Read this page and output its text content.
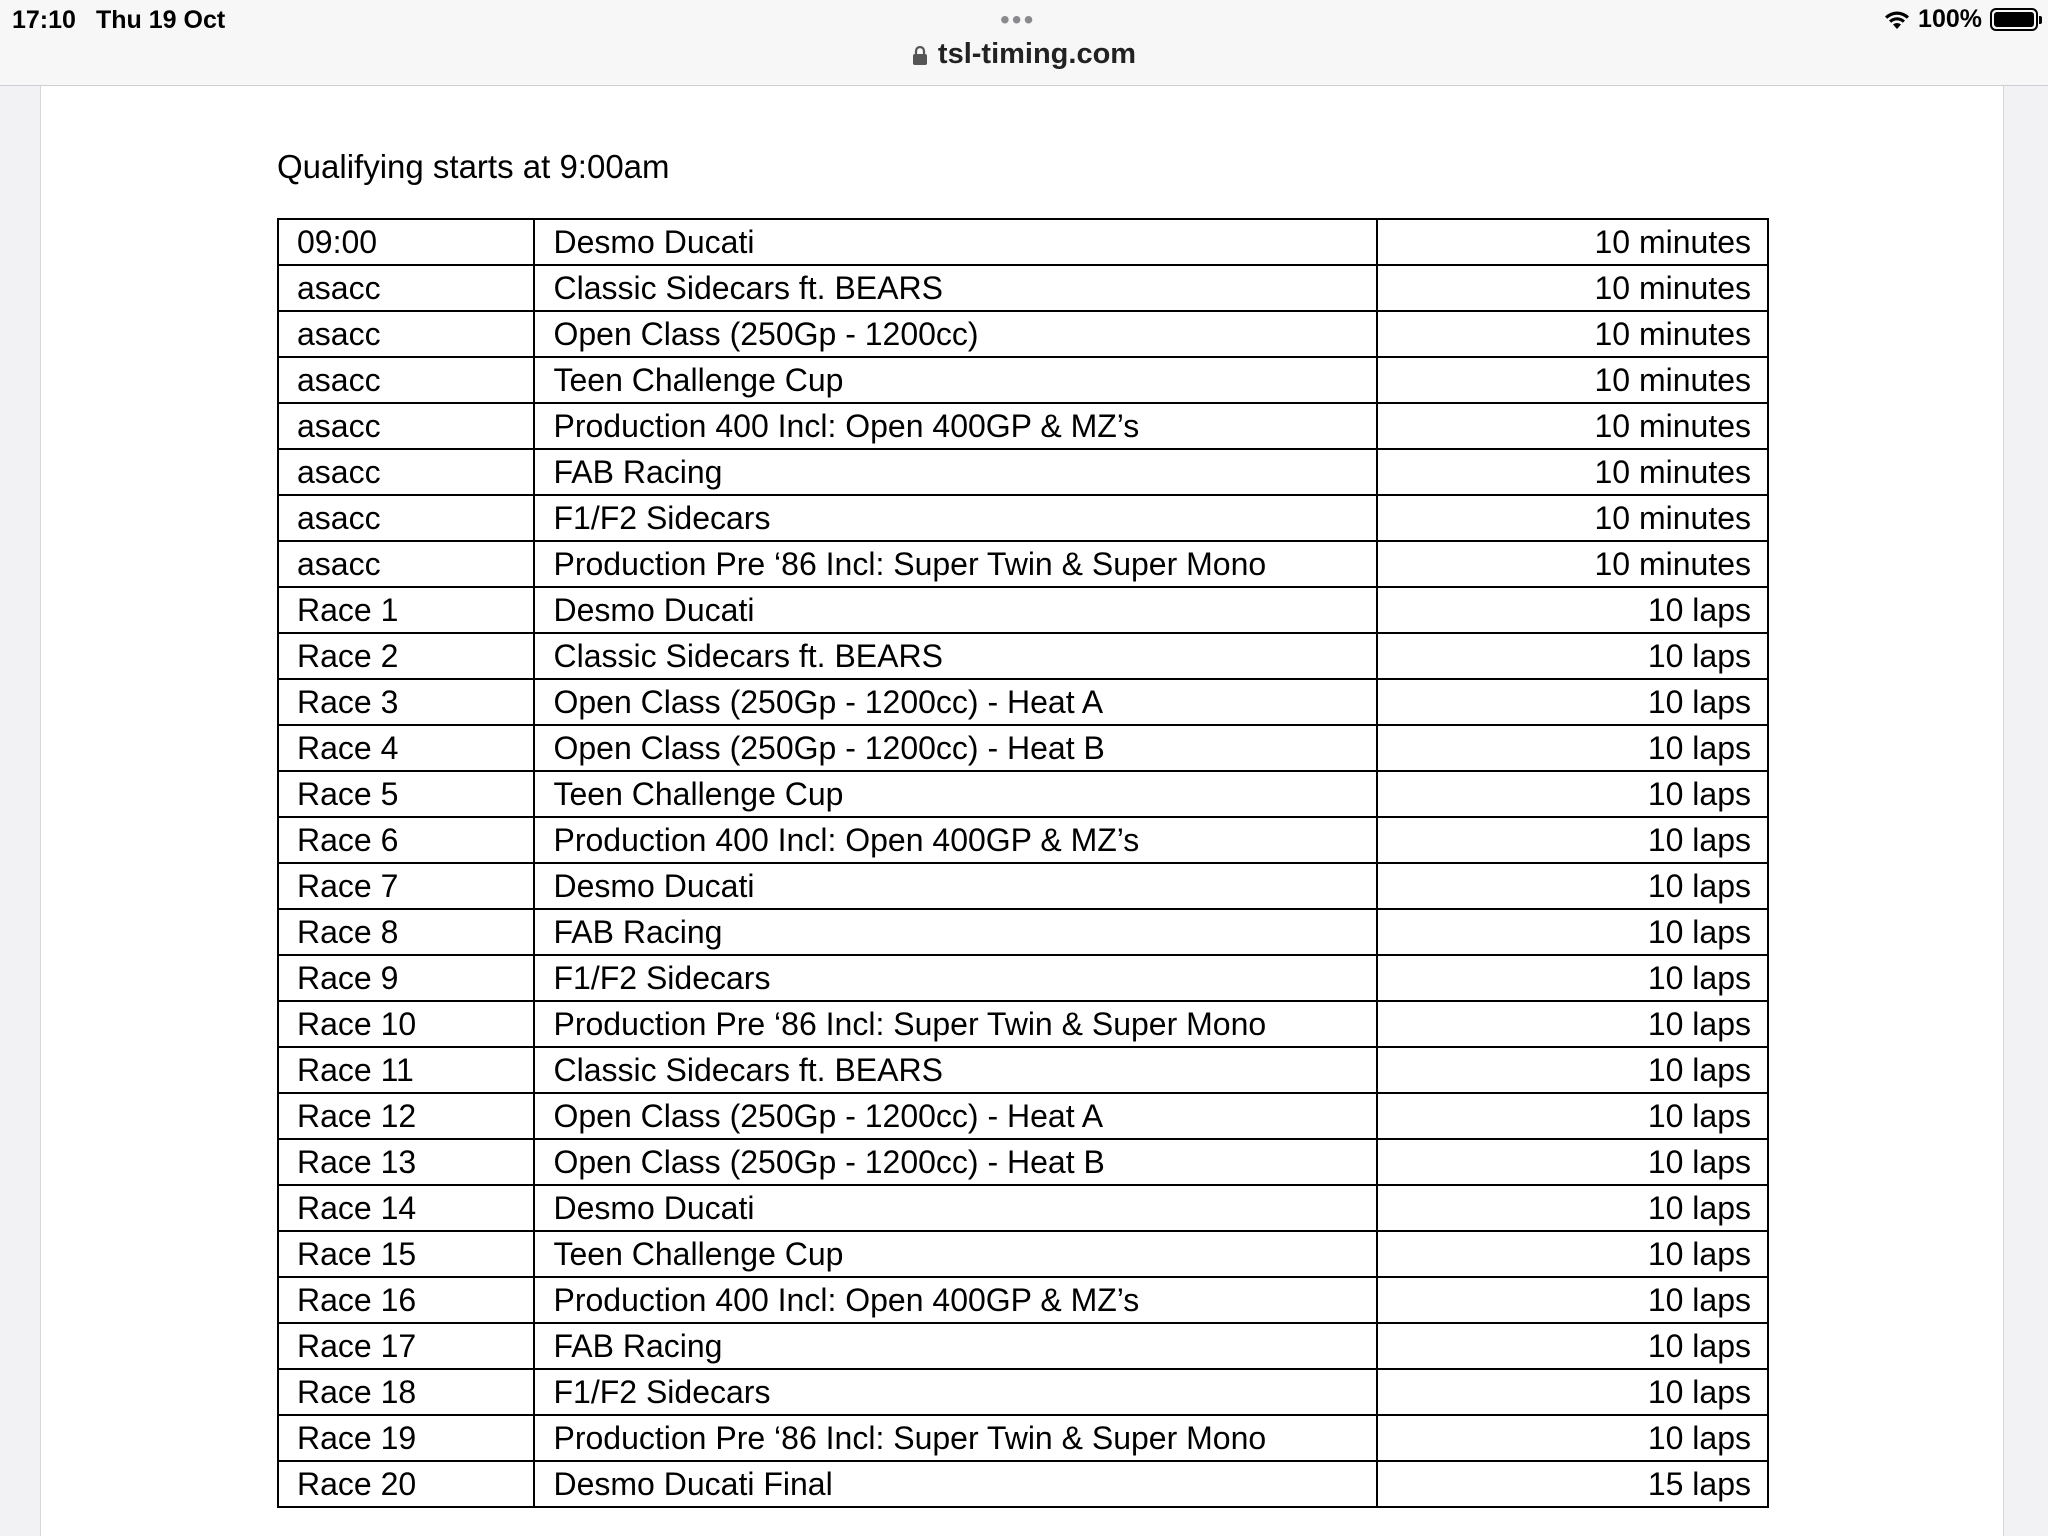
17:10 Thu 19 Oct	•••	100%
tsl-timing.com
Qualifying starts at 9:00am
09:00	Desmo Ducati	10 minutes
asacc	Classic Sidecars ft. BEARS	10 minutes
asacc	Open Class (250Gp - 1200cc)	10 minutes
asacc	Teen Challenge Cup	10 minutes
asacc	Production 400 Incl: Open 400GP & MZ’s	10 minutes
asacc	FAB Racing	10 minutes
asacc	F1/F2 Sidecars	10 minutes
asacc	Production Pre ‘86 Incl: Super Twin & Super Mono	10 minutes
Race 1	Desmo Ducati	10 laps
Race 2	Classic Sidecars ft. BEARS	10 laps
Race 3	Open Class (250Gp - 1200cc) - Heat A	10 laps
Race 4	Open Class (250Gp - 1200cc) - Heat B	10 laps
Race 5	Teen Challenge Cup	10 laps
Race 6	Production 400 Incl: Open 400GP & MZ’s	10 laps
Race 7	Desmo Ducati	10 laps
Race 8	FAB Racing	10 laps
Race 9	F1/F2 Sidecars	10 laps
Race 10	Production Pre ‘86 Incl: Super Twin & Super Mono	10 laps
Race 11	Classic Sidecars ft. BEARS	10 laps
Race 12	Open Class (250Gp - 1200cc) - Heat A	10 laps
Race 13	Open Class (250Gp - 1200cc) - Heat B	10 laps
Race 14	Desmo Ducati	10 laps
Race 15	Teen Challenge Cup	10 laps
Race 16	Production 400 Incl: Open 400GP & MZ’s	10 laps
Race 17	FAB Racing	10 laps
Race 18	F1/F2 Sidecars	10 laps
Race 19	Production Pre ‘86 Incl: Super Twin & Super Mono	10 laps
Race 20	Desmo Ducati Final	15 laps
